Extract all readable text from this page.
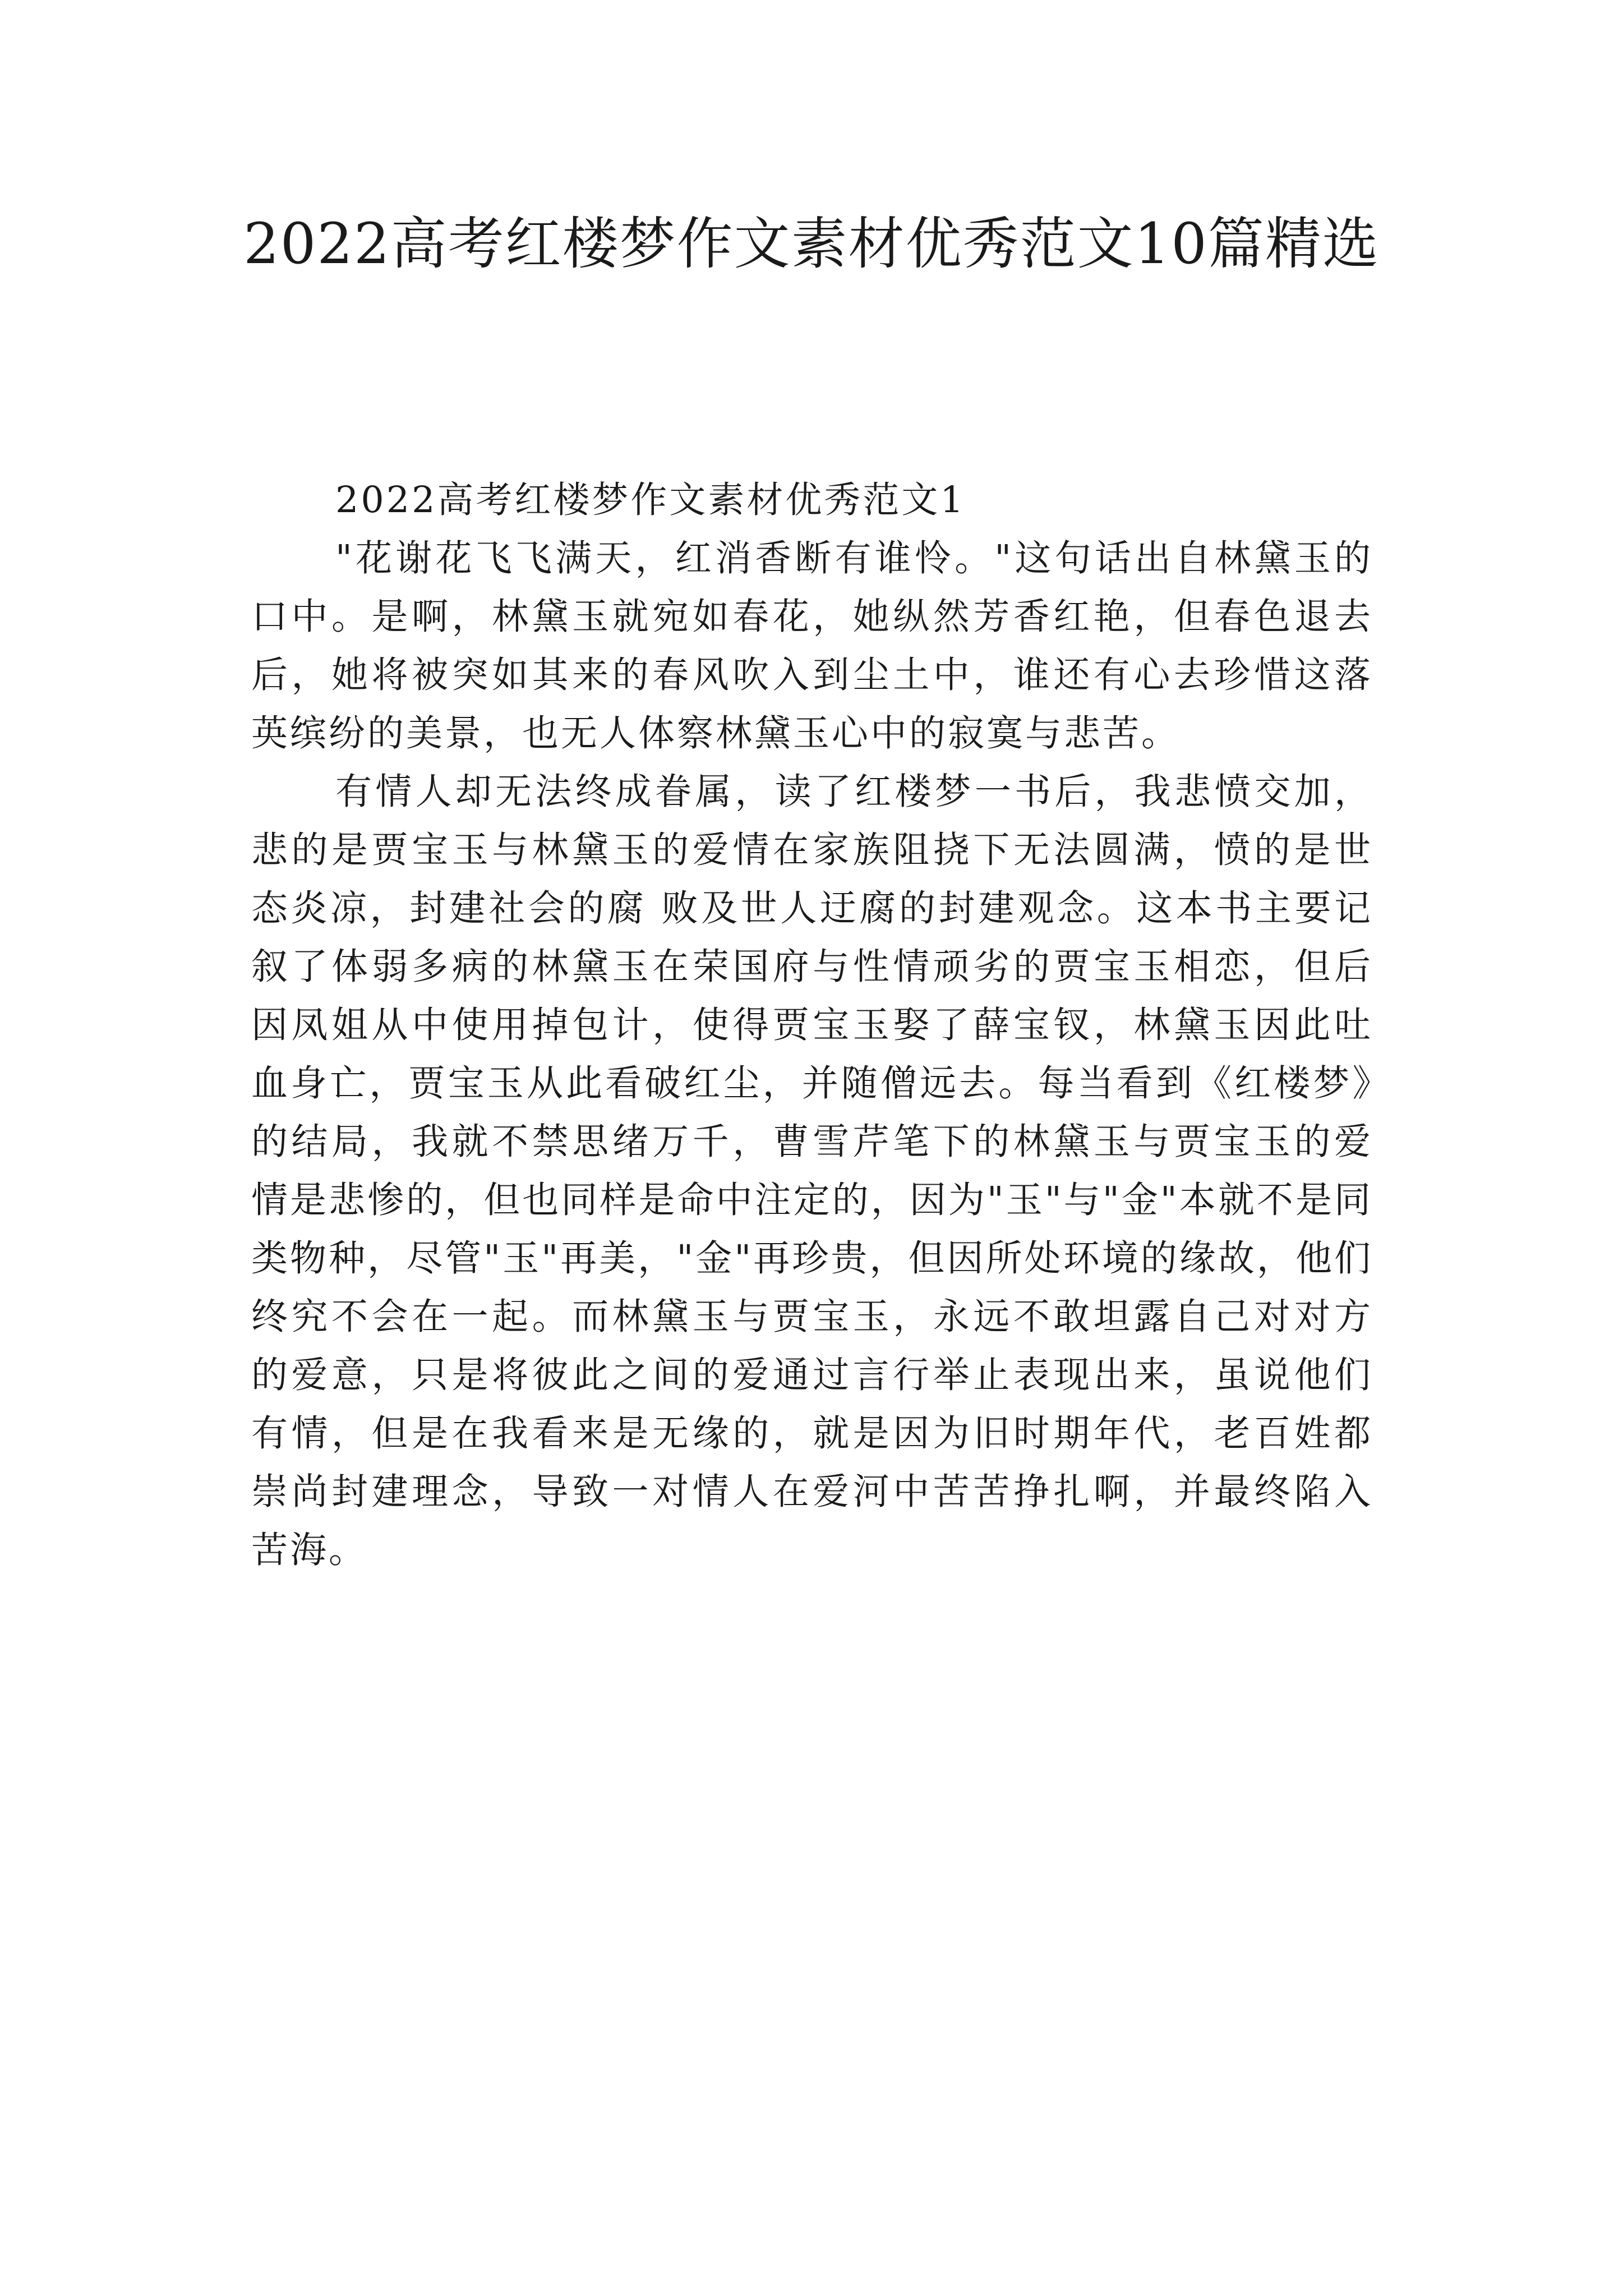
2022高考红楼梦作文素材优秀范文10篇精选

2022高考红楼梦作文素材优秀范文1

"花谢花飞飞满天，红消香断有谁怜。"这句话出自林黛玉的口中。是啊，林黛玉就宛如春花，她纵然芳香红艳，但春色退去后，她将被突如其来的春风吹入到尘土中，谁还有心去珍惜这落英缤纷的美景，也无人体察林黛玉心中的寂寞与悲苦。

有情人却无法终成眷属，读了红楼梦一书后，我悲愤交加，悲的是贾宝玉与林黛玉的爱情在家族阻挠下无法圆满，愤的是世态炎凉，封建社会的腐 败及世人迂腐的封建观念。这本书主要记叙了体弱多病的林黛玉在荣国府与性情顽劣的贾宝玉相恋，但后因凤姐从中使用掉包计，使得贾宝玉娶了薛宝钗，林黛玉因此吐 血身亡，贾宝玉从此看破红尘，并随僧远去。每当看到《红楼梦》的结局，我就不禁思绪万千，曹雪芹笔下的林黛玉与贾宝玉的爱情是悲惨的，但也同样是命中注定的，因为"玉"与"金"本就不是同类物种，尽管"玉"再美，"金"再珍贵，但因所处环境的缘故，他们终究不会在一起。而林黛玉与贾宝玉，永远不敢坦露自己对对方的爱意，只是将彼此之间的爱通过言行举止表现出来，虽说他们有情，但是在我看来是无缘的，就是因为旧时期年代，老百姓都崇尚封建理念，导致一对情人在爱河中苦苦挣扎啊，并最终陷入苦海。
